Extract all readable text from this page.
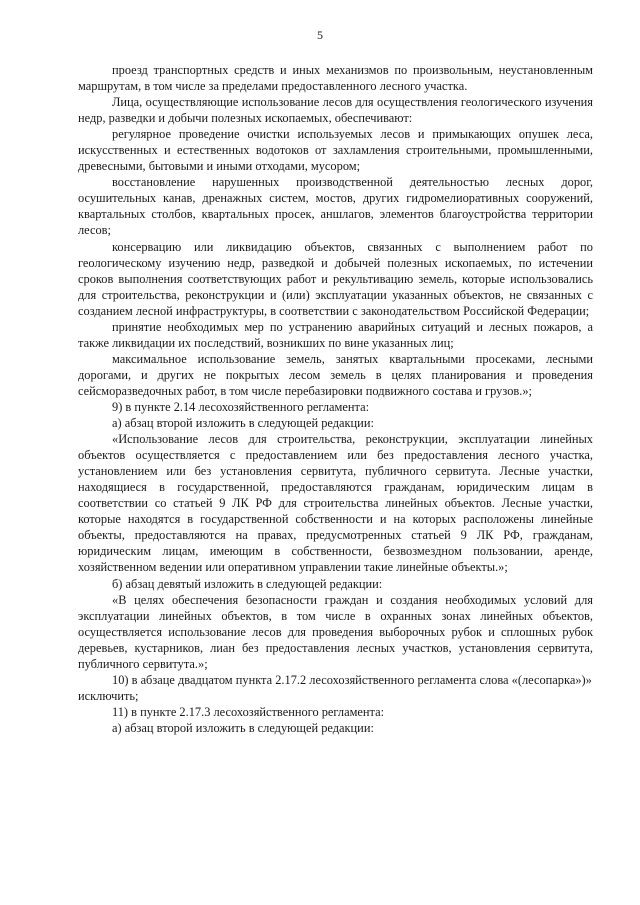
5

проезд транспортных средств и иных механизмов по произвольным, неустановленным маршрутам, в том числе за пределами предоставленного лесного участка.

Лица, осуществляющие использование лесов для осуществления геологического изучения недр, разведки и добычи полезных ископаемых, обеспечивают:

регулярное проведение очистки используемых лесов и примыкающих опушек леса, искусственных и естественных водотоков от захламления строительными, промышленными, древесными, бытовыми и иными отходами, мусором;

восстановление нарушенных производственной деятельностью лесных дорог, осушительных канав, дренажных систем, мостов, других гидромелиоративных сооружений, квартальных столбов, квартальных просек, аншлагов, элементов благоустройства территории лесов;

консервацию или ликвидацию объектов, связанных с выполнением работ по геологическому изучению недр, разведкой и добычей полезных ископаемых, по истечении сроков выполнения соответствующих работ и рекультивацию земель, которые использовались для строительства, реконструкции и (или) эксплуатации указанных объектов, не связанных с созданием лесной инфраструктуры, в соответствии с законодательством Российской Федерации;

принятие необходимых мер по устранению аварийных ситуаций и лесных пожаров, а также ликвидации их последствий, возникших по вине указанных лиц;

максимальное использование земель, занятых квартальными просеками, лесными дорогами, и других не покрытых лесом земель в целях планирования и проведения сейсморазведочных работ, в том числе перебазировки подвижного состава и грузов.»;

9) в пункте 2.14 лесохозяйственного регламента:

а) абзац второй изложить в следующей редакции:

«Использование лесов для строительства, реконструкции, эксплуатации линейных объектов осуществляется с предоставлением или без предоставления лесного участка, установлением или без установления сервитута, публичного сервитута. Лесные участки, находящиеся в государственной, предоставляются гражданам, юридическим лицам в соответствии со статьей 9 ЛК РФ для строительства линейных объектов. Лесные участки, которые находятся в государственной собственности и на которых расположены линейные объекты, предоставляются на правах, предусмотренных статьей 9 ЛК РФ, гражданам, юридическим лицам, имеющим в собственности, безвозмездном пользовании, аренде, хозяйственном ведении или оперативном управлении такие линейные объекты.»;

б) абзац девятый изложить в следующей редакции:

«В целях обеспечения безопасности граждан и создания необходимых условий для эксплуатации линейных объектов, в том числе в охранных зонах линейных объектов, осуществляется использование лесов для проведения выборочных рубок и сплошных рубок деревьев, кустарников, лиан без предоставления лесных участков, установления сервитута, публичного сервитута.»;

10) в абзаце двадцатом пункта 2.17.2 лесохозяйственного регламента слова «(лесопарка»)» исключить;

11) в пункте 2.17.3 лесохозяйственного регламента:

а) абзац второй изложить в следующей редакции:
